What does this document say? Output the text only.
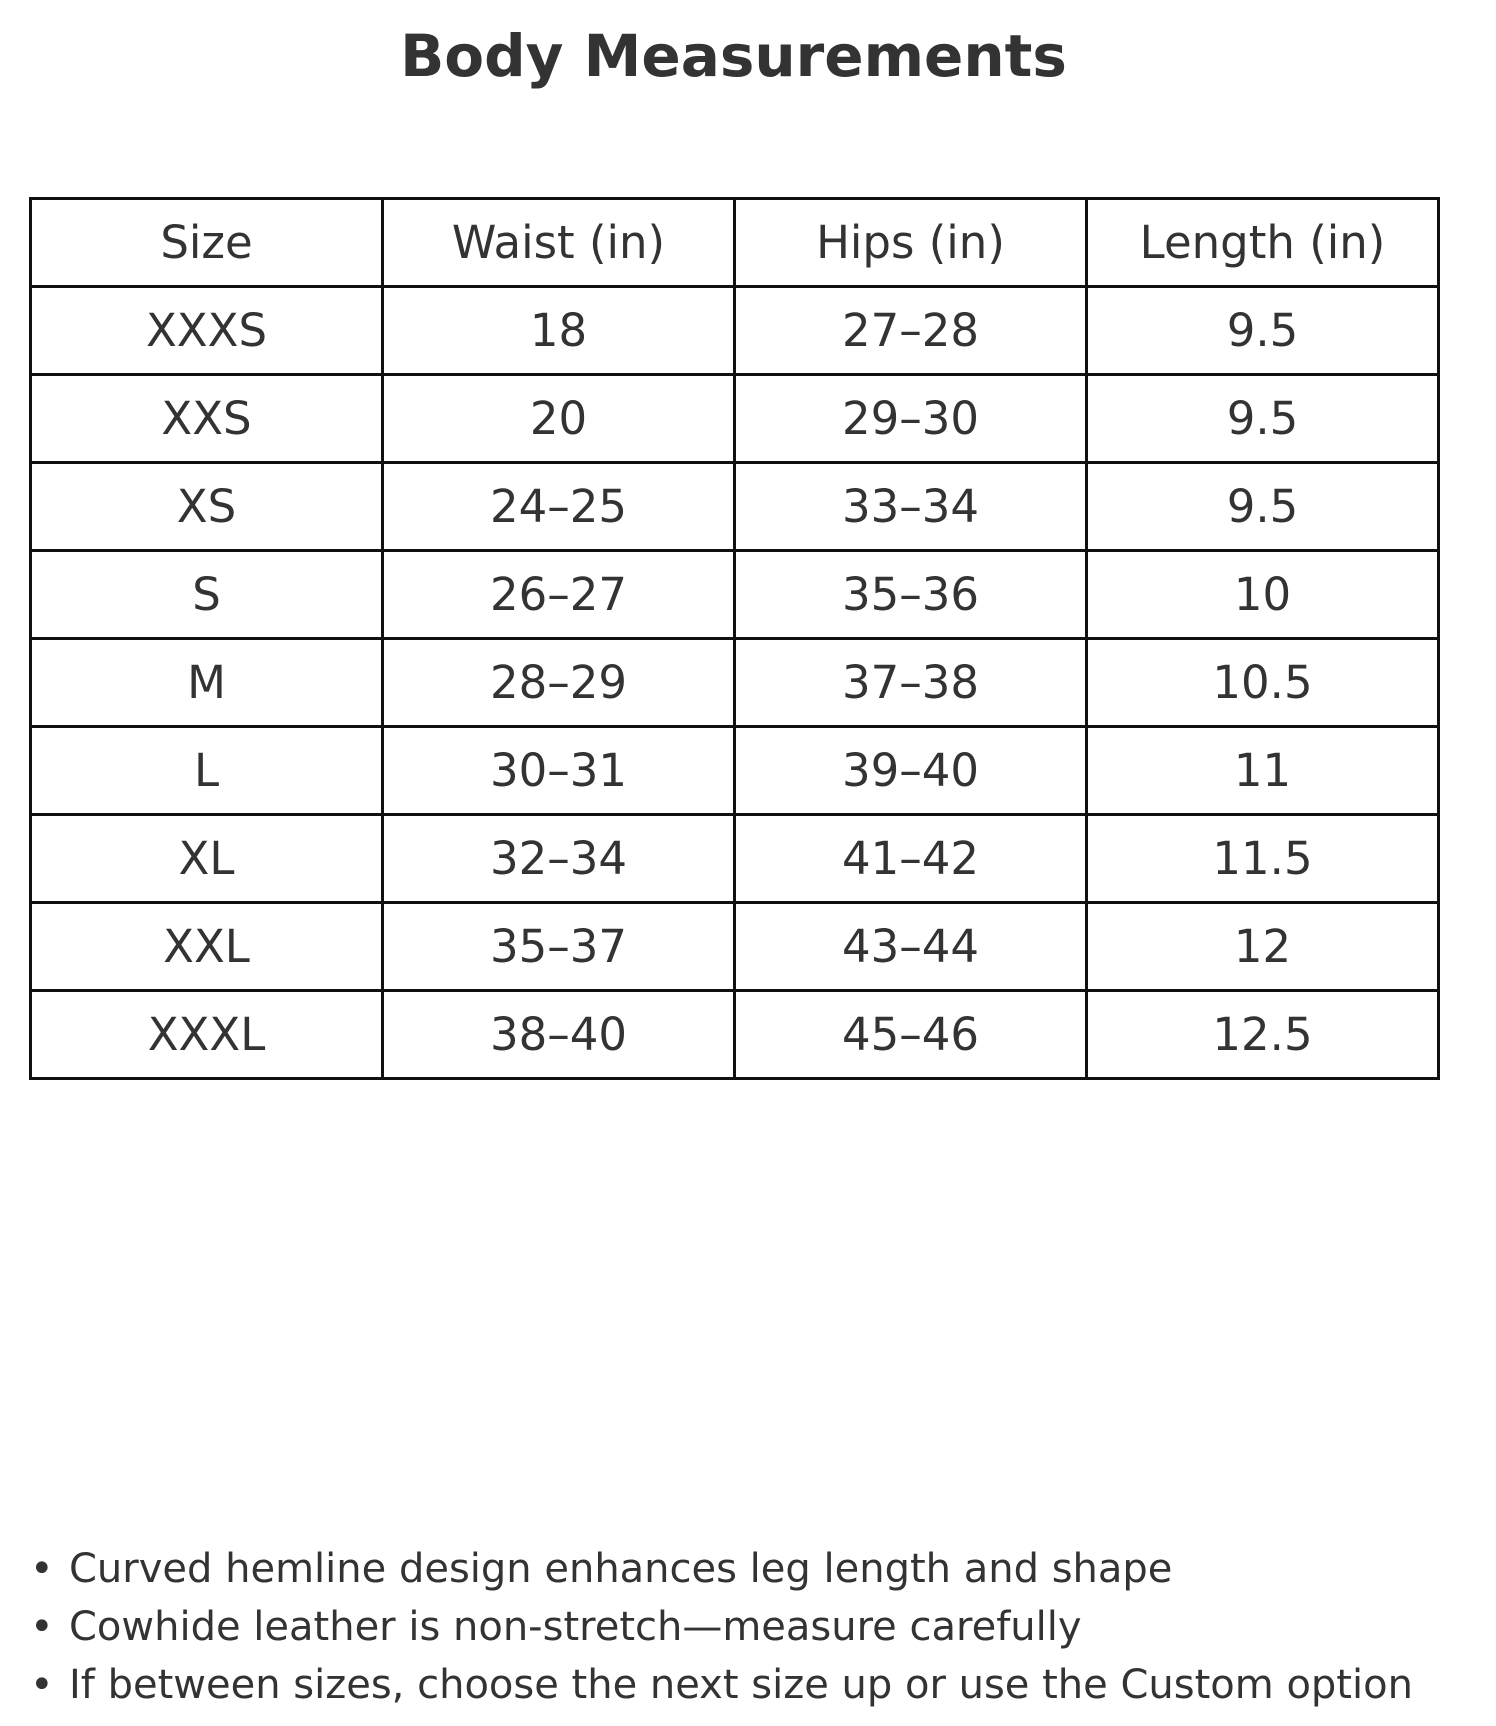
Body Measurements
Size	Waist (in)	Hips (in)	Length (in)
XXXS	18	27–28	9.5
XXS	20	29–30	9.5
XS	24–25	33–34	9.5
S	26–27	35–36	10
M	28–29	37–38	10.5
L	30–31	39–40	11
XL	32–34	41–42	11.5
XXL	35–37	43–44	12
XXXL	38–40	45–46	12.5
• Curved hemline design enhances leg length and shape
• Cowhide leather is non-stretch—measure carefully
• If between sizes, choose the next size up or use the Custom option
